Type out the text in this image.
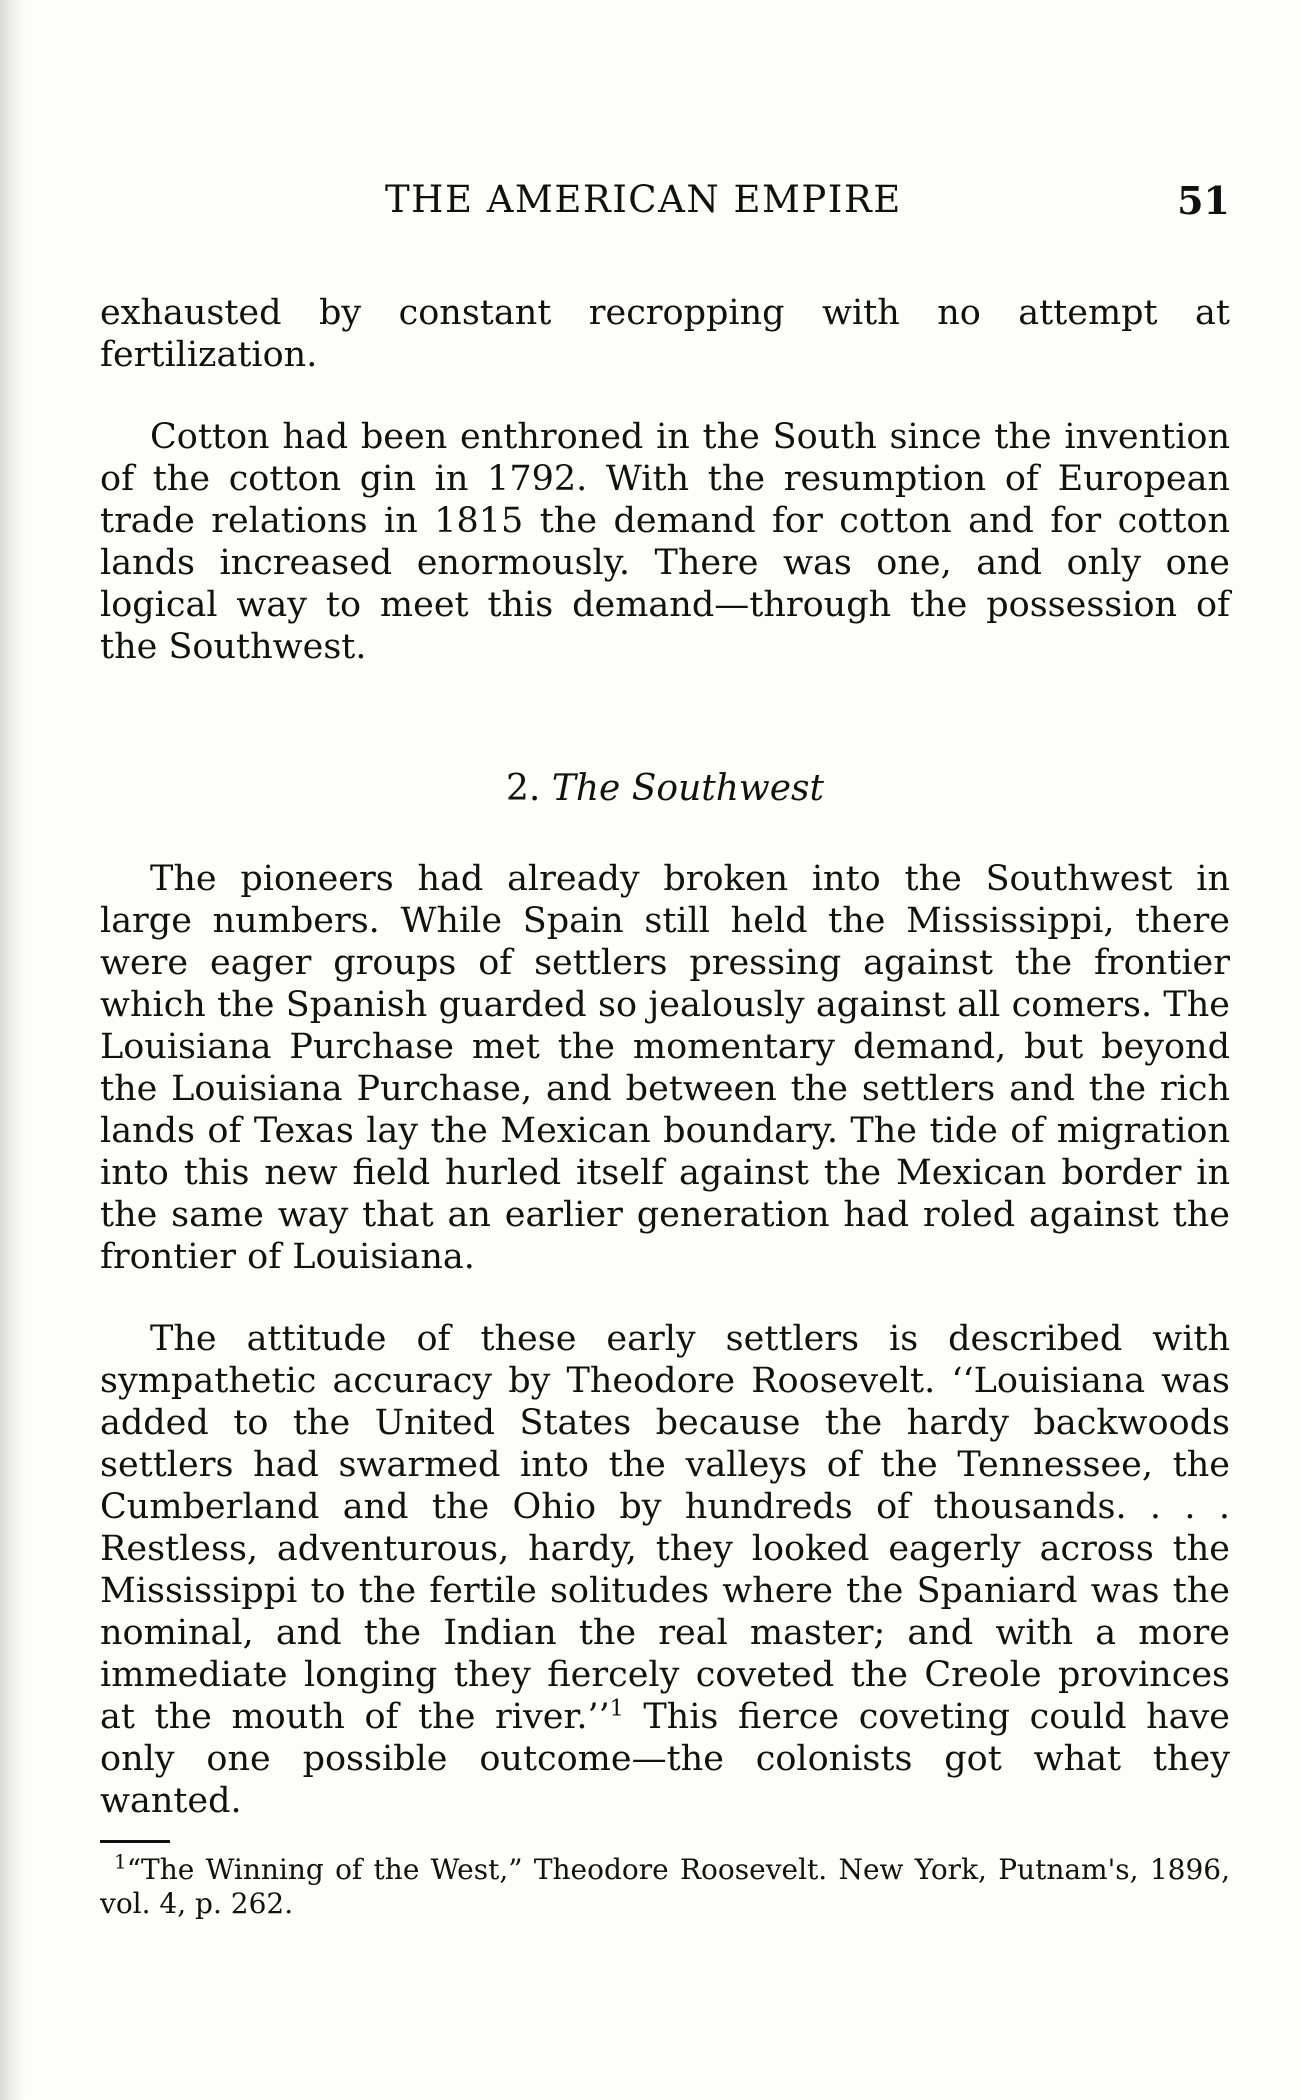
THE AMERICAN EMPIRE	51

exhausted by constant recropping with no attempt at fertilization.

Cotton had been enthroned in the South since the invention of the cotton gin in 1792. With the resumption of European trade relations in 1815 the demand for cotton and for cotton lands increased enormously. There was one, and only one logical way to meet this demand—through the possession of the Southwest.

2. The Southwest

The pioneers had already broken into the Southwest in large numbers. While Spain still held the Mississippi, there were eager groups of settlers pressing against the frontier which the Spanish guarded so jealously against all comers. The Louisiana Purchase met the momentary demand, but beyond the Louisiana Purchase, and between the settlers and the rich lands of Texas lay the Mexican boundary. The tide of migration into this new field hurled itself against the Mexican border in the same way that an earlier generation had roled against the frontier of Louisiana.

The attitude of these early settlers is described with sympathetic accuracy by Theodore Roosevelt. ‘‘Louisiana was added to the United States because the hardy backwoods settlers had swarmed into the valleys of the Tennessee, the Cumberland and the Ohio by hundreds of thousands. . . . Restless, adventurous, hardy, they looked eagerly across the Mississippi to the fertile solitudes where the Spaniard was the nominal, and the Indian the real master; and with a more immediate longing they fiercely coveted the Creole provinces at the mouth of the river.’’$^1$ This fierce coveting could have only one possible outcome—the colonists got what they wanted.

$^1$“The Winning of the West,” Theodore Roosevelt. New York, Putnam's, 1896, vol. 4, p. 262.
